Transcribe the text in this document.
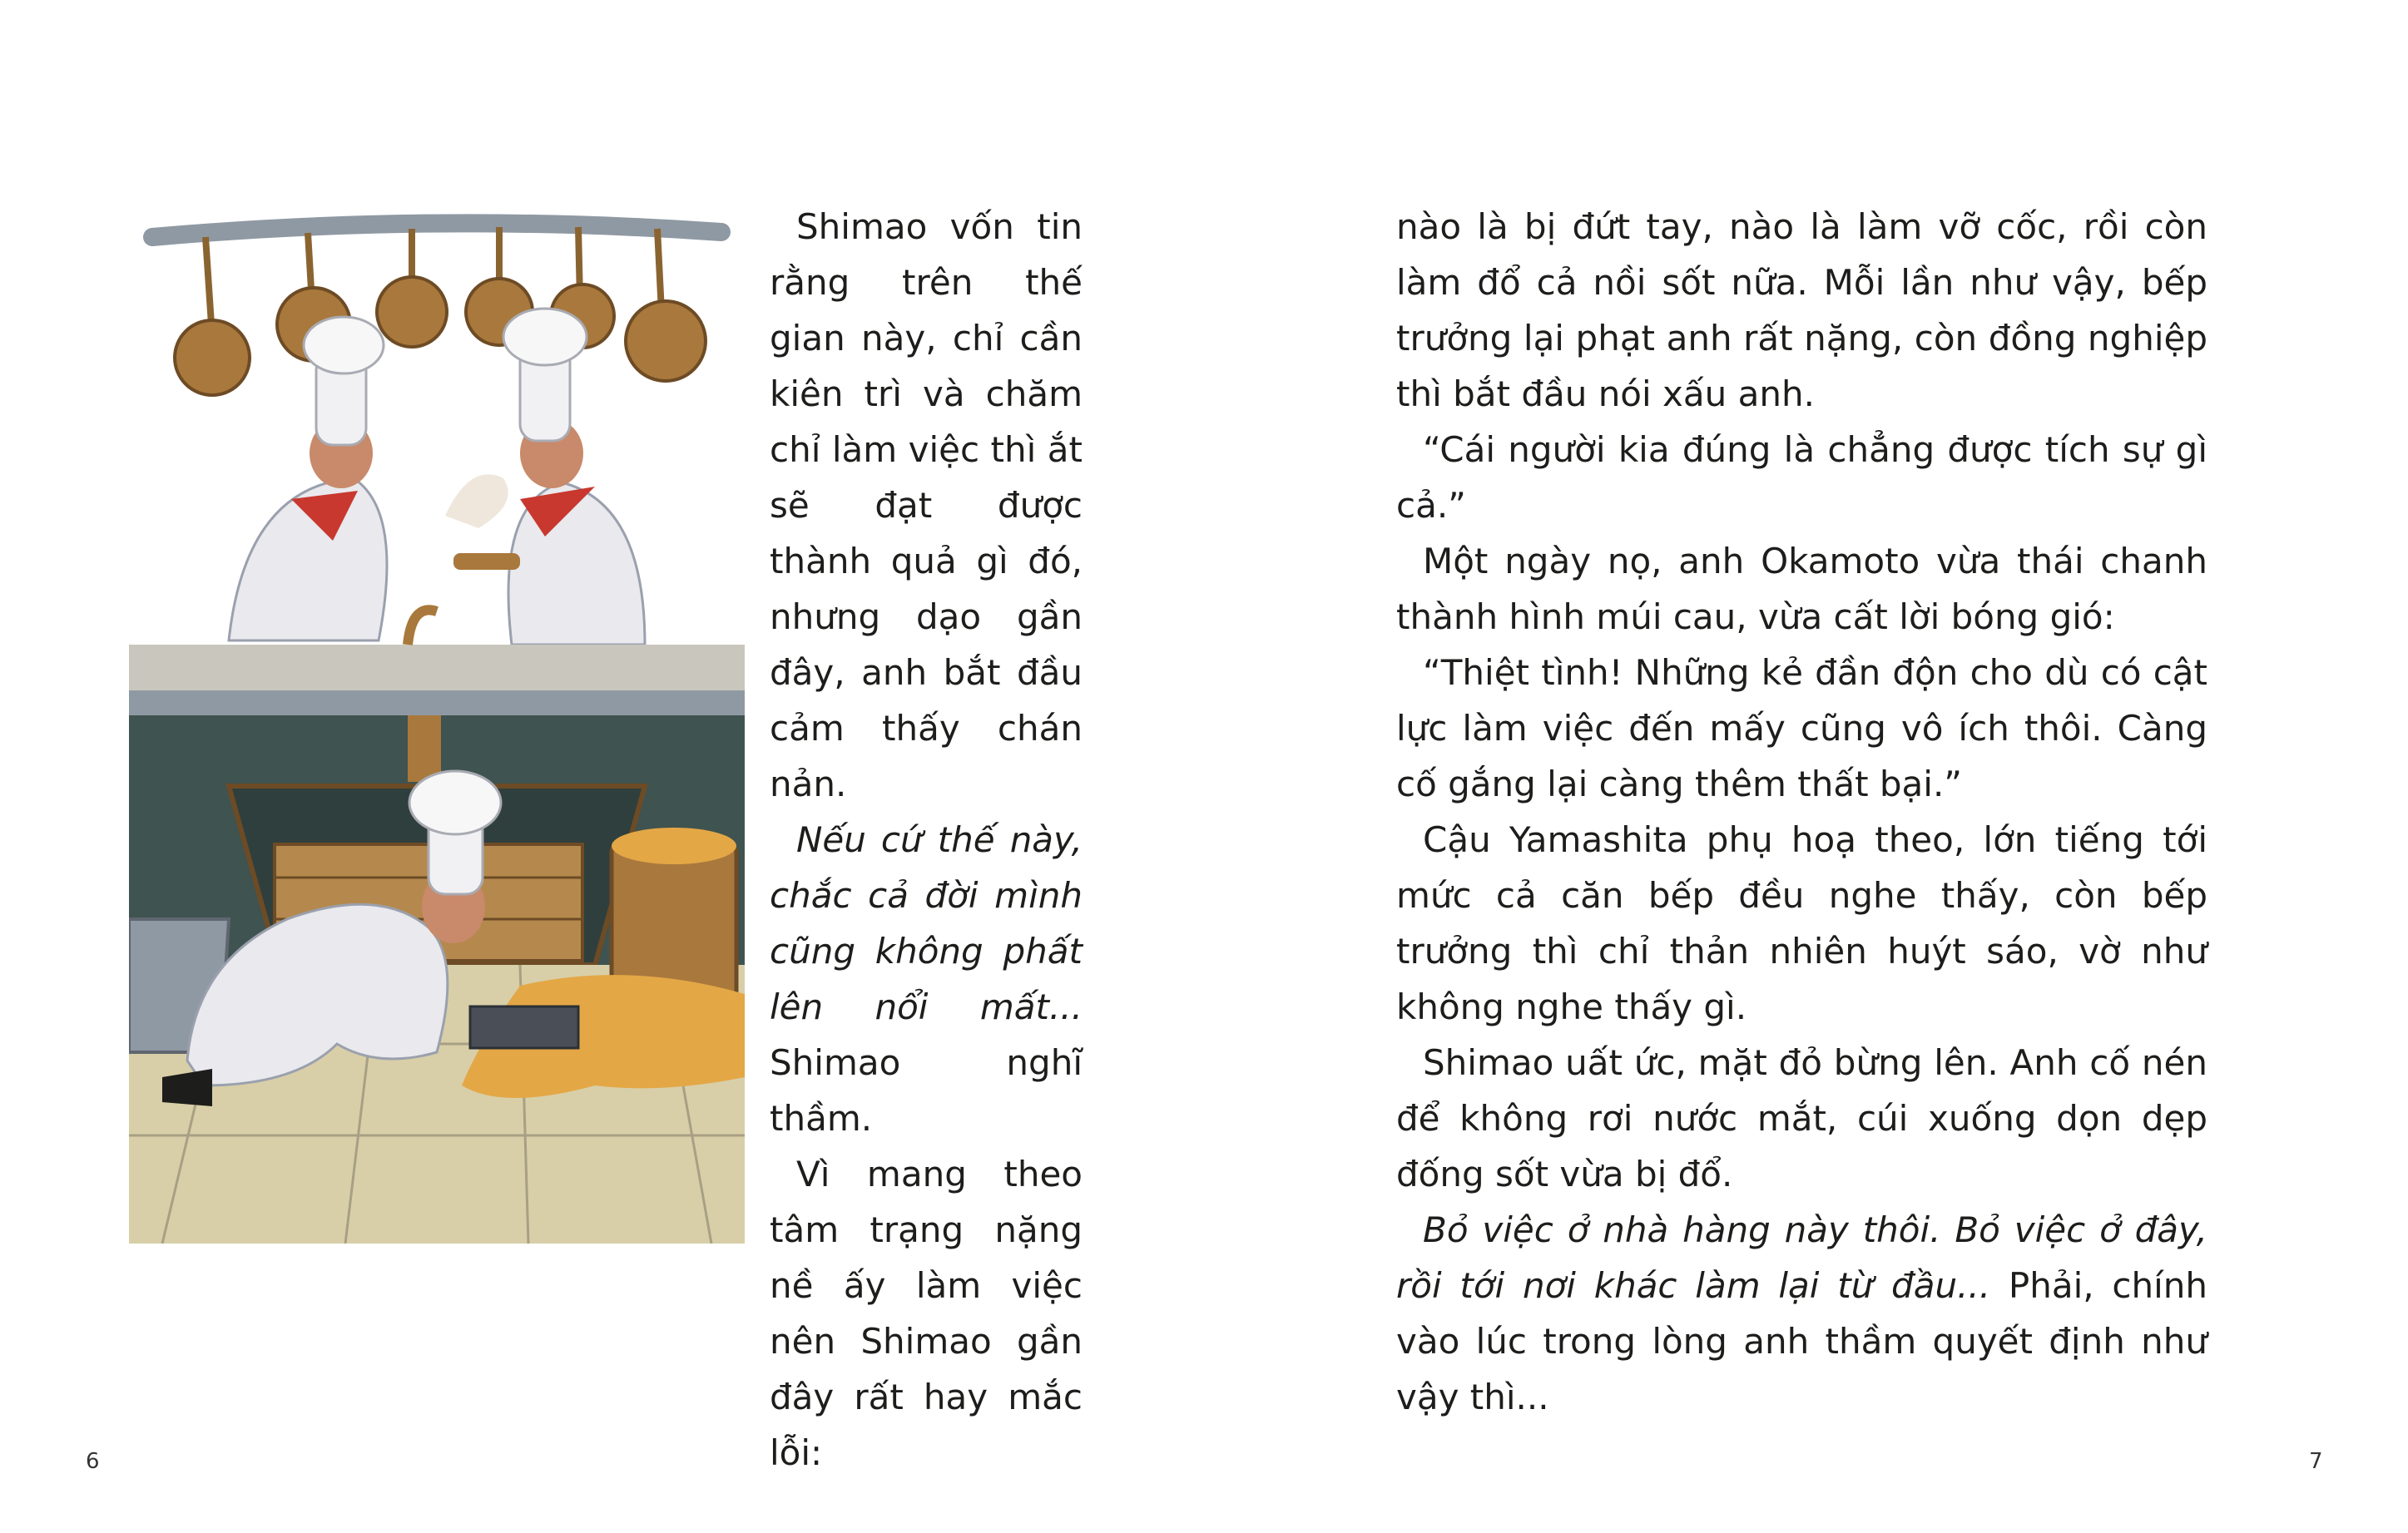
Shimao vốn tin rằng trên thế gian này, chỉ cần kiên trì và chăm chỉ làm việc thì ắt sẽ đạt được thành quả gì đó, nhưng dạo gần đây, anh bắt đầu cảm thấy chán nản.

Nếu cứ thế này, chắc cả đời mình cũng không phất lên nổi mất... Shimao nghĩ thầm.

Vì mang theo tâm trạng nặng nề ấy làm việc nên Shimao gần đây rất hay mắc lỗi:

nào là bị đứt tay, nào là làm vỡ cốc, rồi còn làm đổ cả nồi sốt nữa. Mỗi lần như vậy, bếp trưởng lại phạt anh rất nặng, còn đồng nghiệp thì bắt đầu nói xấu anh.

“Cái người kia đúng là chẳng được tích sự gì cả.”

Một ngày nọ, anh Okamoto vừa thái chanh thành hình múi cau, vừa cất lời bóng gió:

“Thiệt tình! Những kẻ đần độn cho dù có cật lực làm việc đến mấy cũng vô ích thôi. Càng cố gắng lại càng thêm thất bại.”

Cậu Yamashita phụ hoạ theo, lớn tiếng tới mức cả căn bếp đều nghe thấy, còn bếp trưởng thì chỉ thản nhiên huýt sáo, vờ như không nghe thấy gì.

Shimao uất ức, mặt đỏ bừng lên. Anh cố nén để không rơi nước mắt, cúi xuống dọn dẹp đống sốt vừa bị đổ.

Bỏ việc ở nhà hàng này thôi. Bỏ việc ở đây, rồi tới nơi khác làm lại từ đầu... Phải, chính vào lúc trong lòng anh thầm quyết định như vậy thì...

6	7
